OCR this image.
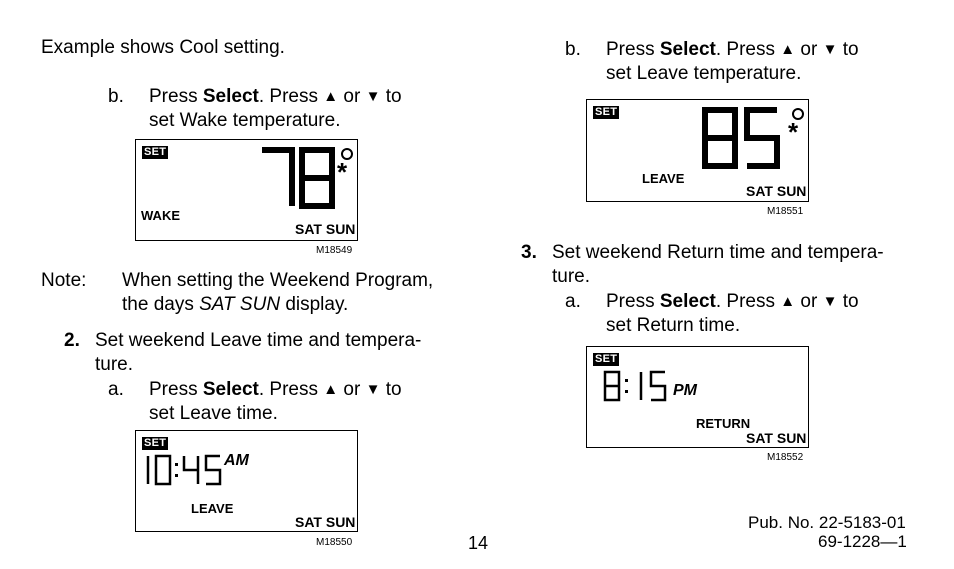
Example shows Cool setting.
b. Press Select. Press ▲ or ▼ to
set Wake temperature.
SET
*
WAKE
SAT SUN
M18549
Note: When setting the Weekend Program,
the days SAT SUN display.
2. Set weekend Leave time and tempera-
ture.
a. Press Select. Press ▲ or ▼ to
set Leave time.
SET
AM
LEAVE
SAT SUN
M18550
b. Press Select. Press ▲ or ▼ to
set Leave temperature.
SET
*
LEAVE
SAT SUN
M18551
3. Set weekend Return time and tempera-
ture.
a. Press Select. Press ▲ or ▼ to
set Return time.
SET
PM
RETURN
SAT SUN
M18552
14
Pub. No. 22-5183-01
69-1228—1
